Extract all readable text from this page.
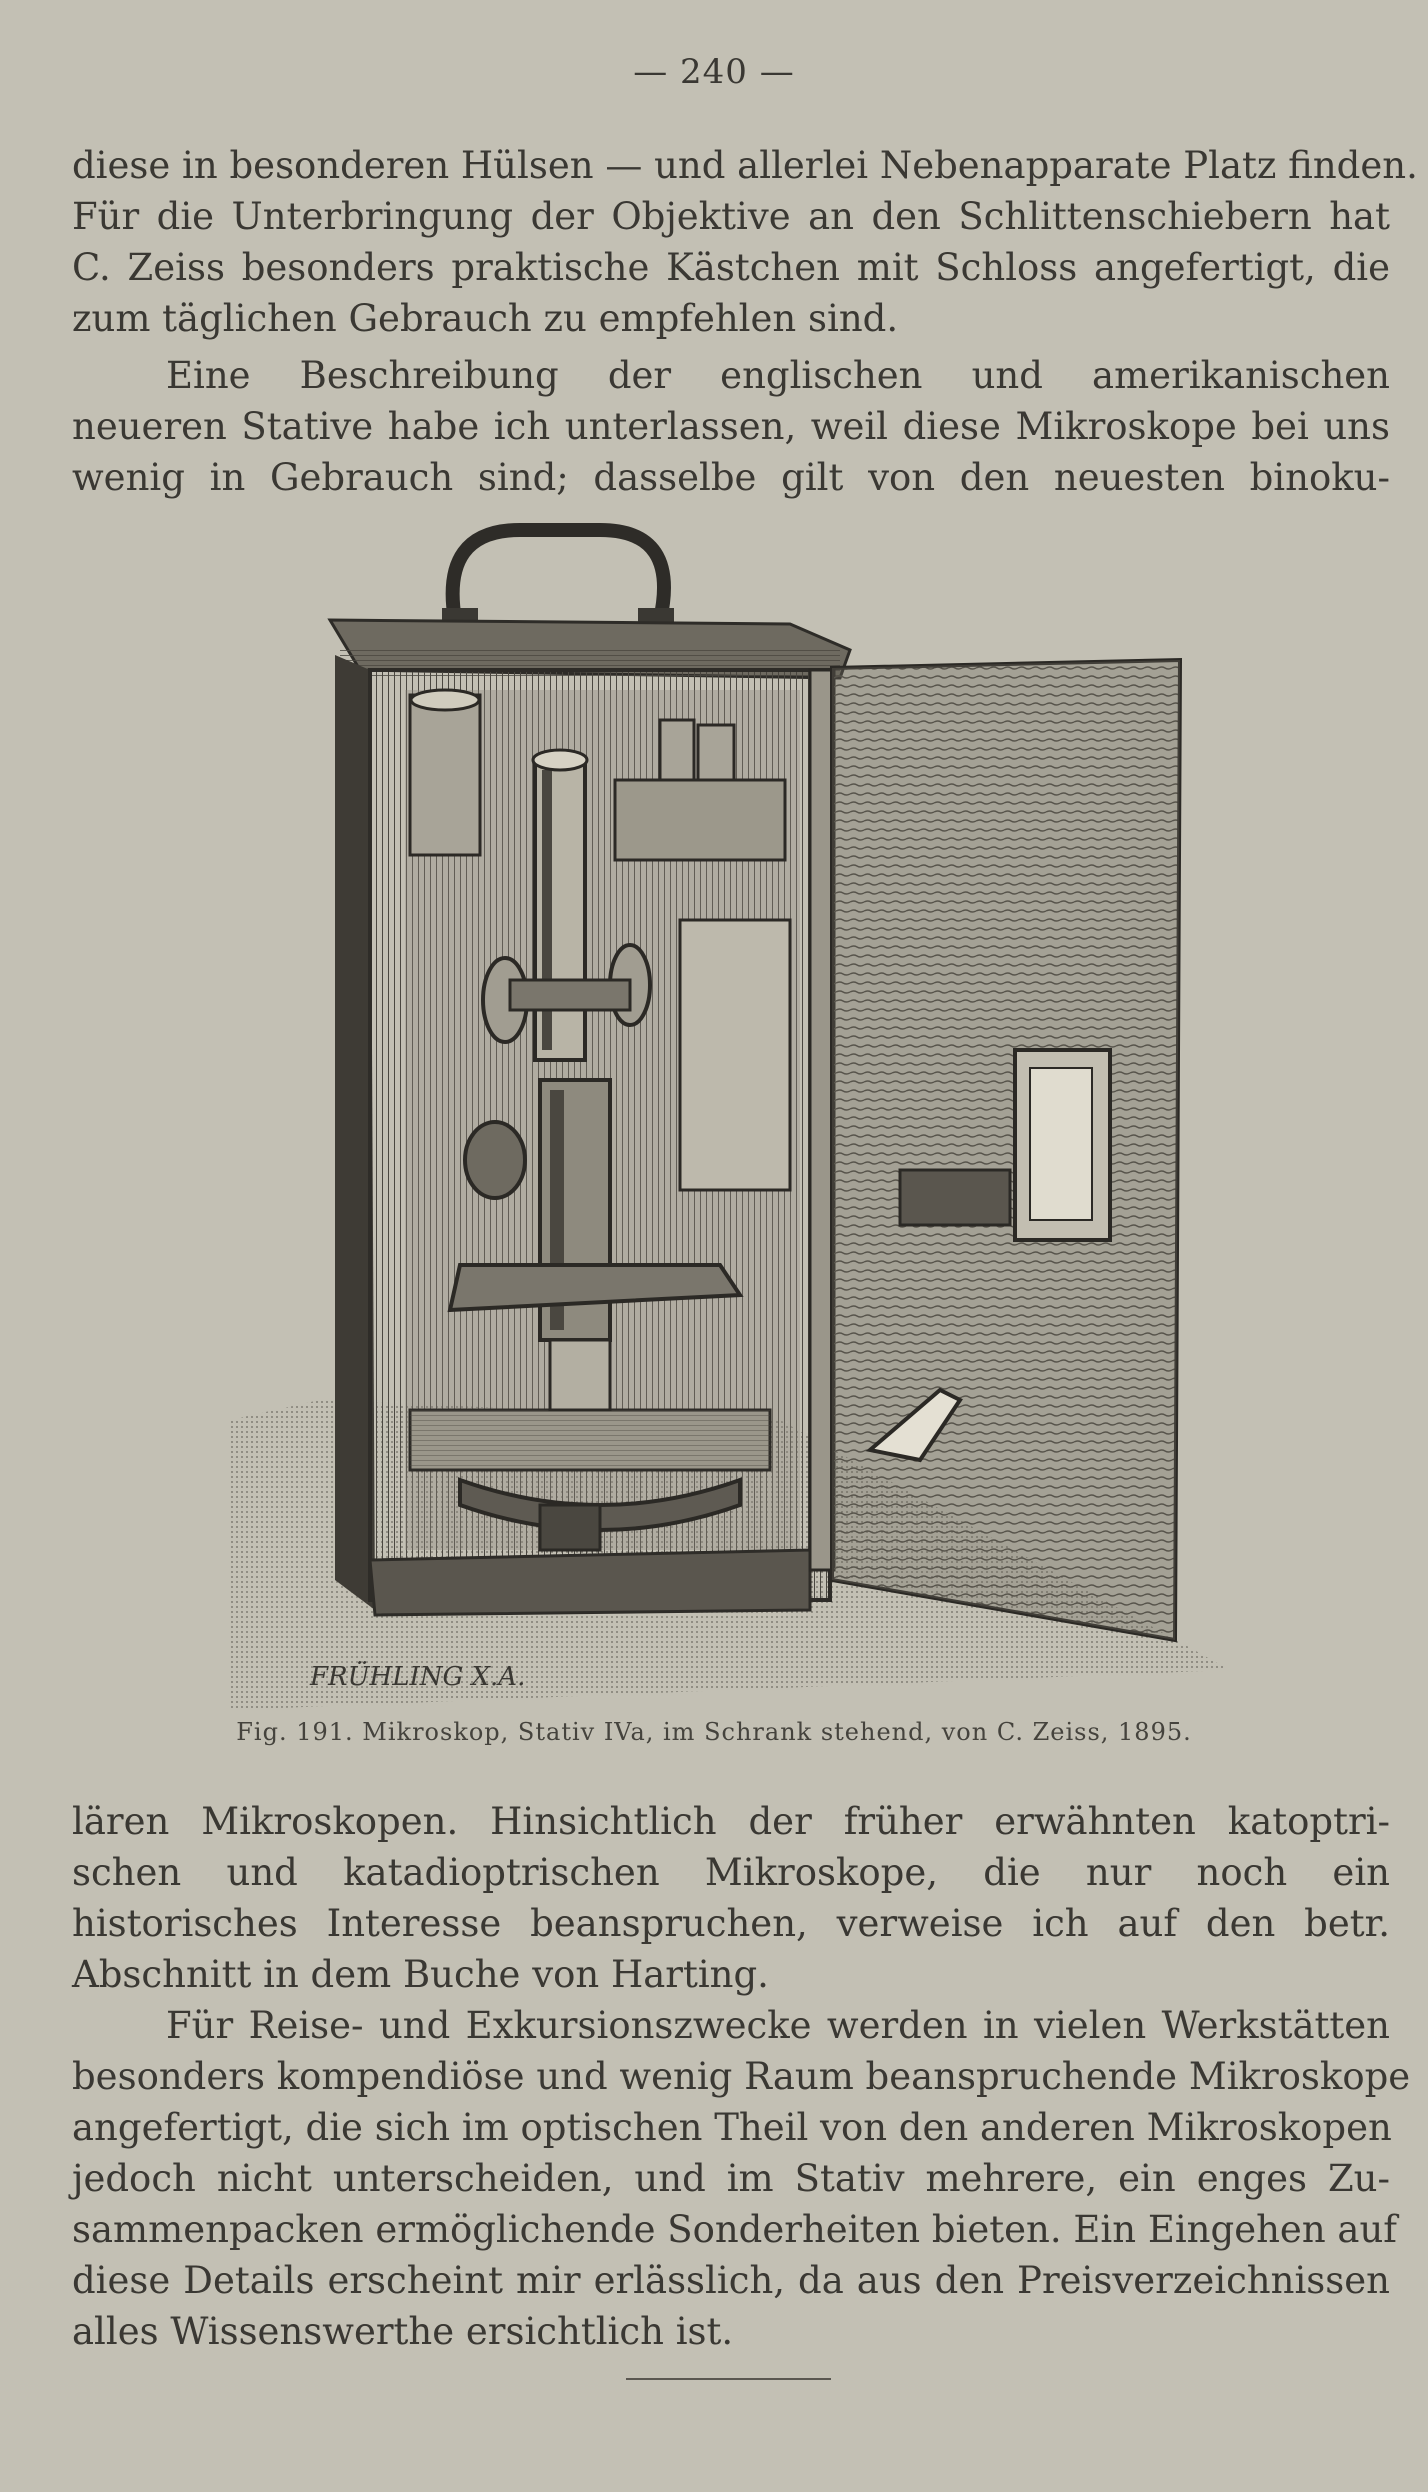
— 240 —
diese in besonderen Hülsen — und allerlei Nebenapparate Platz finden.
Für die Unterbringung der Objektive an den Schlittenschiebern hat
C. Zeiss besonders praktische Kästchen mit Schloss angefertigt, die
zum täglichen Gebrauch zu empfehlen sind.
Eine Beschreibung der englischen und amerikanischen
neueren Stative habe ich unterlassen, weil diese Mikroskope bei uns
wenig in Gebrauch sind; dasselbe gilt von den neuesten binoku-
FRÜHLING X.A.
Fig. 191. Mikroskop, Stativ IVa, im Schrank stehend, von C. Zeiss, 1895.
lären Mikroskopen. Hinsichtlich der früher erwähnten katoptri-
schen und katadioptrischen Mikroskope, die nur noch ein
historisches Interesse beanspruchen, verweise ich auf den betr.
Abschnitt in dem Buche von Harting.
Für Reise- und Exkursionszwecke werden in vielen Werkstätten
besonders kompendiöse und wenig Raum beanspruchende Mikroskope
angefertigt, die sich im optischen Theil von den anderen Mikroskopen
jedoch nicht unterscheiden, und im Stativ mehrere, ein enges Zu-
sammenpacken ermöglichende Sonderheiten bieten. Ein Eingehen auf
diese Details erscheint mir erlässlich, da aus den Preisverzeichnissen
alles Wissenswerthe ersichtlich ist.
